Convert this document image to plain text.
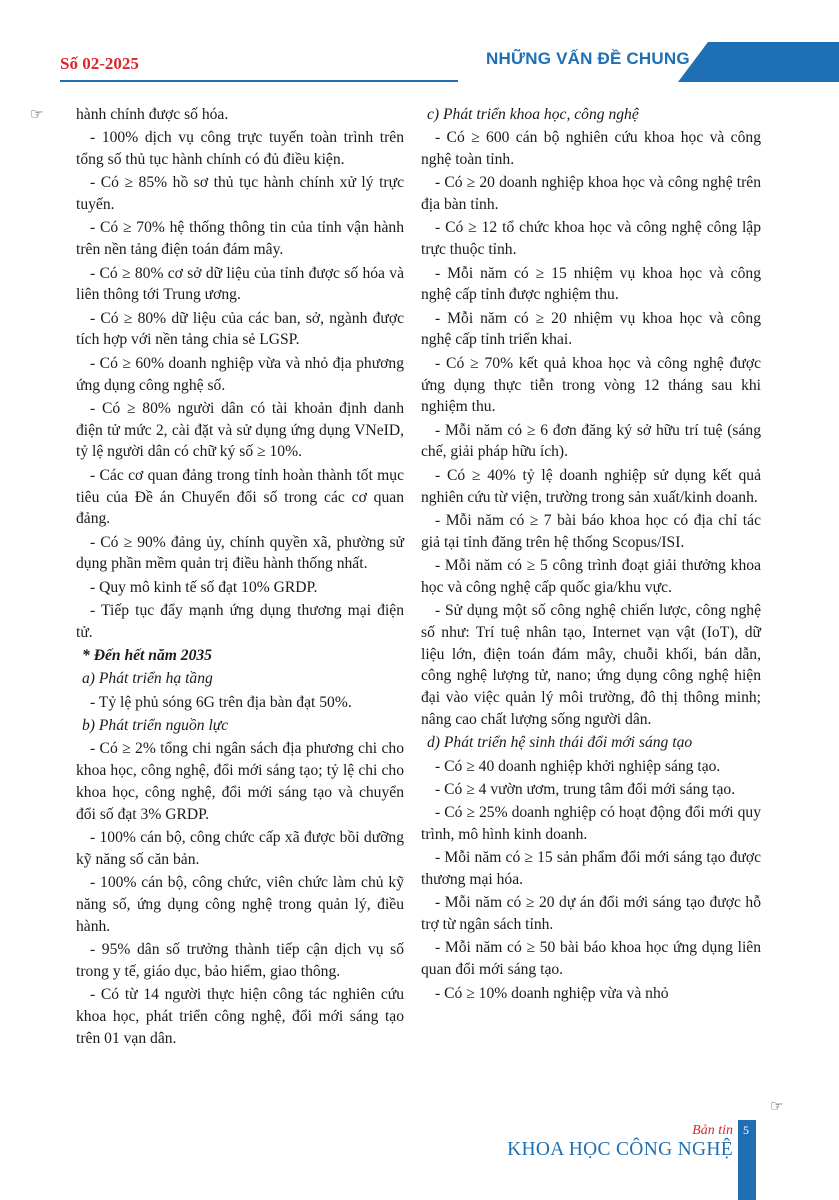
Số 02-2025	NHỮNG VẤN ĐỀ CHUNG
☞ hành chính được số hóa.
- 100% dịch vụ công trực tuyến toàn trình trên tổng số thủ tục hành chính có đủ điều kiện.
- Có ≥ 85% hồ sơ thủ tục hành chính xử lý trực tuyến.
- Có ≥ 70% hệ thống thông tin của tỉnh vận hành trên nền tảng điện toán đám mây.
- Có ≥ 80% cơ sở dữ liệu của tỉnh được số hóa và liên thông tới Trung ương.
- Có ≥ 80% dữ liệu của các ban, sở, ngành được tích hợp với nền tảng chia sẻ LGSP.
- Có ≥ 60% doanh nghiệp vừa và nhỏ địa phương ứng dụng công nghệ số.
- Có ≥ 80% người dân có tài khoản định danh điện tử mức 2, cài đặt và sử dụng ứng dụng VNeID, tỷ lệ người dân có chữ ký số ≥ 10%.
- Các cơ quan đảng trong tỉnh hoàn thành tốt mục tiêu của Đề án Chuyển đổi số trong các cơ quan đảng.
- Có ≥ 90% đảng ủy, chính quyền xã, phường sử dụng phần mềm quản trị điều hành thống nhất.
- Quy mô kinh tế số đạt 10% GRDP.
- Tiếp tục đẩy mạnh ứng dụng thương mại điện tử.
* Đến hết năm 2035
a) Phát triển hạ tầng
- Tỷ lệ phủ sóng 6G trên địa bàn đạt 50%.
b) Phát triển nguồn lực
- Có ≥ 2% tổng chi ngân sách địa phương chi cho khoa học, công nghệ, đổi mới sáng tạo; tỷ lệ chi cho khoa học, công nghệ, đổi mới sáng tạo và chuyển đổi số đạt 3% GRDP.
- 100% cán bộ, công chức cấp xã được bồi dưỡng kỹ năng số căn bản.
- 100% cán bộ, công chức, viên chức làm chủ kỹ năng số, ứng dụng công nghệ trong quản lý, điều hành.
- 95% dân số trưởng thành tiếp cận dịch vụ số trong y tế, giáo dục, bảo hiểm, giao thông.
- Có từ 14 người thực hiện công tác nghiên cứu khoa học, phát triển công nghệ, đổi mới sáng tạo trên 01 vạn dân.
c) Phát triển khoa học, công nghệ
- Có ≥ 600 cán bộ nghiên cứu khoa học và công nghệ toàn tỉnh.
- Có ≥ 20 doanh nghiệp khoa học và công nghệ trên địa bàn tỉnh.
- Có ≥ 12 tổ chức khoa học và công nghệ công lập trực thuộc tỉnh.
- Mỗi năm có ≥ 15 nhiệm vụ khoa học và công nghệ cấp tỉnh được nghiệm thu.
- Mỗi năm có ≥ 20 nhiệm vụ khoa học và công nghệ cấp tỉnh triển khai.
- Có ≥ 70% kết quả khoa học và công nghệ được ứng dụng thực tiễn trong vòng 12 tháng sau khi nghiệm thu.
- Mỗi năm có ≥ 6 đơn đăng ký sở hữu trí tuệ (sáng chế, giải pháp hữu ích).
- Có ≥ 40% tỷ lệ doanh nghiệp sử dụng kết quả nghiên cứu từ viện, trường trong sản xuất/kinh doanh.
- Mỗi năm có ≥ 7 bài báo khoa học có địa chỉ tác giả tại tỉnh đăng trên hệ thống Scopus/ISI.
- Mỗi năm có ≥ 5 công trình đoạt giải thưởng khoa học và công nghệ cấp quốc gia/khu vực.
- Sử dụng một số công nghệ chiến lược, công nghệ số như: Trí tuệ nhân tạo, Internet vạn vật (IoT), dữ liệu lớn, điện toán đám mây, chuỗi khối, bán dẫn, công nghệ lượng tử, nano; ứng dụng công nghệ hiện đại vào việc quản lý môi trường, đô thị thông minh; nâng cao chất lượng sống người dân.
d) Phát triển hệ sinh thái đổi mới sáng tạo
- Có ≥ 40 doanh nghiệp khởi nghiệp sáng tạo.
- Có ≥ 4 vườn ươm, trung tâm đổi mới sáng tạo.
- Có ≥ 25% doanh nghiệp có hoạt động đổi mới quy trình, mô hình kinh doanh.
- Mỗi năm có ≥ 15 sản phẩm đổi mới sáng tạo được thương mại hóa.
- Mỗi năm có ≥ 20 dự án đổi mới sáng tạo được hỗ trợ từ ngân sách tỉnh.
- Mỗi năm có ≥ 50 bài báo khoa học ứng dụng liên quan đổi mới sáng tạo.
- Có ≥ 10% doanh nghiệp vừa và nhỏ
☞
Bản tin
KHOA HỌC CÔNG NGHỆ
5
